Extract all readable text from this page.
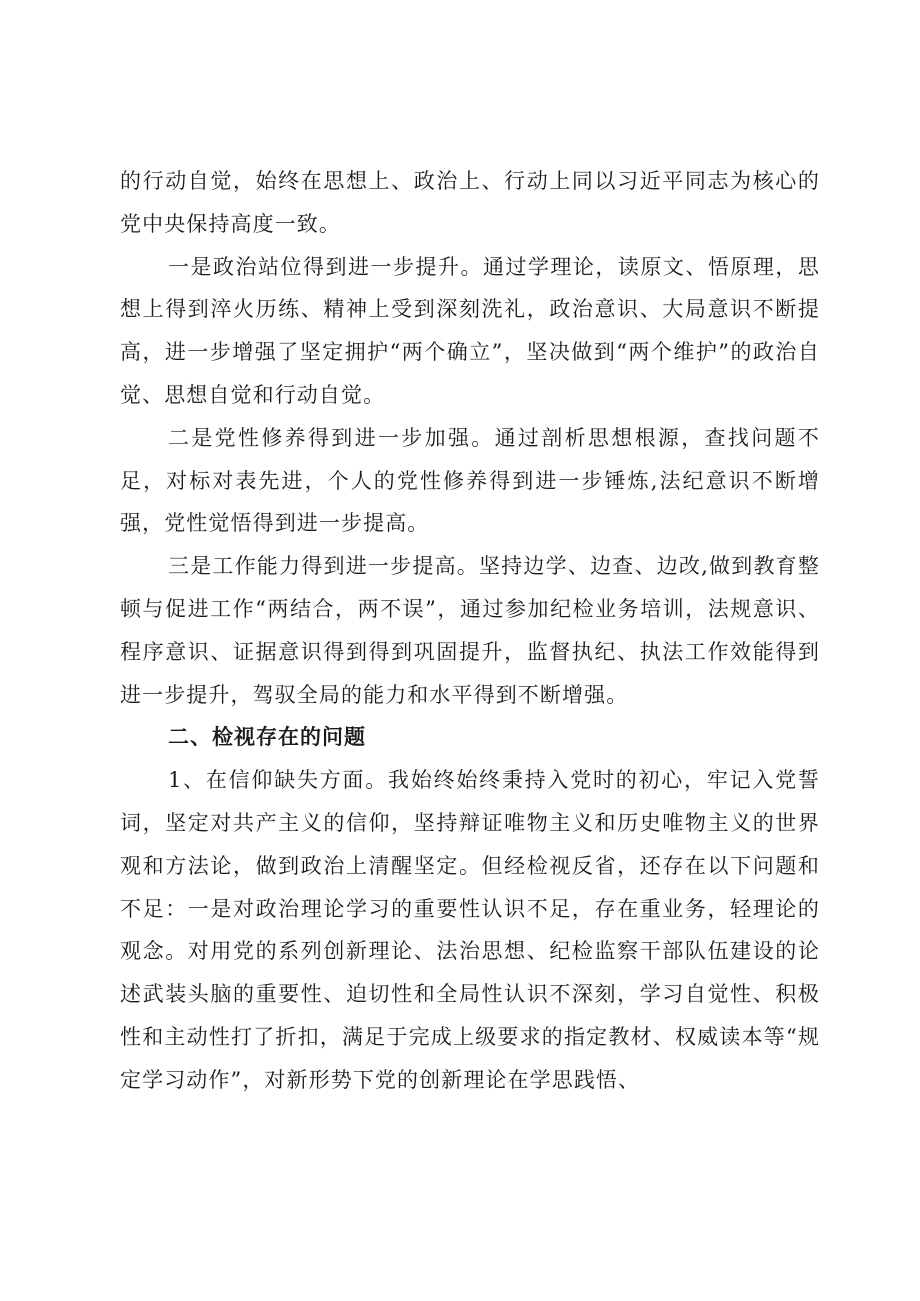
的行动自觉，始终在思想上、政治上、行动上同以习近平同志为核心的党中央保持高度一致。

一是政治站位得到进一步提升。通过学理论，读原文、悟原理，思想上得到淬火历练、精神上受到深刻洗礼，政治意识、大局意识不断提高，进一步增强了坚定拥护“两个确立”，坚决做到“两个维护”的政治自觉、思想自觉和行动自觉。

二是党性修养得到进一步加强。通过剖析思想根源，查找问题不足，对标对表先进，个人的党性修养得到进一步锤炼,法纪意识不断增强，党性觉悟得到进一步提高。

三是工作能力得到进一步提高。坚持边学、边查、边改,做到教育整顿与促进工作“两结合，两不误”，通过参加纪检业务培训，法规意识、程序意识、证据意识得到得到巩固提升，监督执纪、执法工作效能得到进一步提升，驾驭全局的能力和水平得到不断增强。

二、检视存在的问题

1、在信仰缺失方面。我始终始终秉持入党时的初心，牢记入党誓词，坚定对共产主义的信仰，坚持辩证唯物主义和历史唯物主义的世界观和方法论，做到政治上清醒坚定。但经检视反省，还存在以下问题和不足：一是对政治理论学习的重要性认识不足，存在重业务，轻理论的观念。对用党的系列创新理论、法治思想、纪检监察干部队伍建设的论述武装头脑的重要性、迫切性和全局性认识不深刻，学习自觉性、积极性和主动性打了折扣，满足于完成上级要求的指定教材、权威读本等“规定学习动作”，对新形势下党的创新理论在学思践悟、
